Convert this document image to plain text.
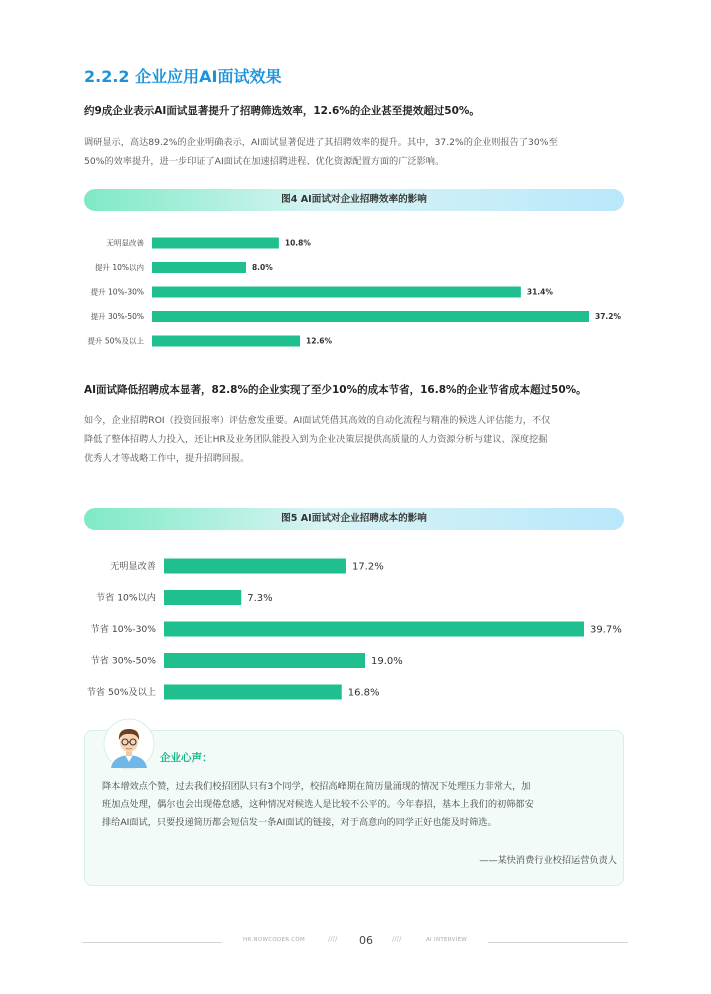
2.2.2 企业应用AI面试效果
约9成企业表示AI面试显著提升了招聘筛选效率，12.6%的企业甚至提效超过50%。
调研显示，高达89.2%的企业明确表示，AI面试显著促进了其招聘效率的提升。其中，37.2%的企业则报告了30%至
50%的效率提升，进一步印证了AI面试在加速招聘进程、优化资源配置方面的广泛影响。
图4 AI面试对企业招聘效率的影响
无明显改善	10.8%
提升 10%以内	8.0%
提升 10%-30%	31.4%
提升 30%-50%	37.2%
提升 50%及以上	12.6%
AI面试降低招聘成本显著，82.8%的企业实现了至少10%的成本节省，16.8%的企业节省成本超过50%。
如今，企业招聘ROI（投资回报率）评估愈发重要。AI面试凭借其高效的自动化流程与精准的候选人评估能力，不仅
降低了整体招聘人力投入，还让HR及业务团队能投入到为企业决策层提供高质量的人力资源分析与建议、深度挖掘
优秀人才等战略工作中，提升招聘回报。
图5 AI面试对企业招聘成本的影响
无明显改善	17.2%
节省 10%以内	7.3%
节省 10%-30%	39.7%
节省 30%-50%	19.0%
节省 50%及以上	16.8%
企业心声：
降本增效点个赞，过去我们校招团队只有3个同学，校招高峰期在简历量涌现的情况下处理压力非常大，加
班加点处理，偶尔也会出现倦怠感，这种情况对候选人是比较不公平的。今年春招，基本上我们的初筛都安
排给AI面试，只要投递简历都会短信发一条AI面试的链接，对于高意向的同学正好也能及时筛选。
——某快消费行业校招运营负责人
HR.NOWCODER.COM	//// 06	////	AI INTERVIEW
